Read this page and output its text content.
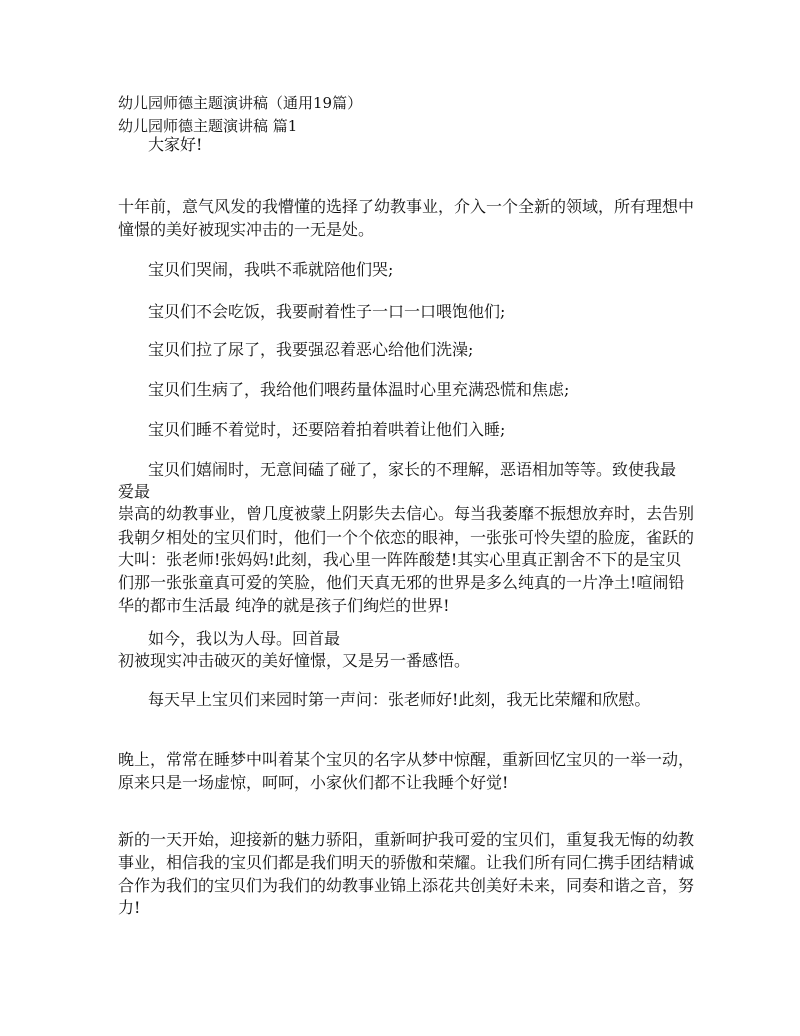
幼儿园师德主题演讲稿（通用19篇）
幼儿园师德主题演讲稿 篇1
大家好!
十年前，意气风发的我懵懂的选择了幼教事业，介入一个全新的领域，所有理想中
憧憬的美好被现实冲击的一无是处。
宝贝们哭闹，我哄不乖就陪他们哭;
宝贝们不会吃饭，我要耐着性子一口一口喂饱他们;
宝贝们拉了尿了，我要强忍着恶心给他们洗澡;
宝贝们生病了，我给他们喂药量体温时心里充满恐慌和焦虑;
宝贝们睡不着觉时，还要陪着拍着哄着让他们入睡;
宝贝们嬉闹时，无意间磕了碰了，家长的不理解，恶语相加等等。致使我最
爱最
崇高的幼教事业，曾几度被蒙上阴影失去信心。每当我萎靡不振想放弃时，去告别
我朝夕相处的宝贝们时，他们一个个依恋的眼神，一张张可怜失望的脸庞，雀跃的
大叫：张老师!张妈妈!此刻，我心里一阵阵酸楚!其实心里真正割舍不下的是宝贝
们那一张张童真可爱的笑脸，他们天真无邪的世界是多么纯真的一片净土!喧闹铅
华的都市生活最 纯净的就是孩子们绚烂的世界!
如今，我以为人母。回首最
初被现实冲击破灭的美好憧憬，又是另一番感悟。
每天早上宝贝们来园时第一声问：张老师好!此刻，我无比荣耀和欣慰。
晚上，常常在睡梦中叫着某个宝贝的名字从梦中惊醒，重新回忆宝贝的一举一动，
原来只是一场虚惊，呵呵，小家伙们都不让我睡个好觉!
新的一天开始，迎接新的魅力骄阳，重新呵护我可爱的宝贝们，重复我无悔的幼教
事业，相信我的宝贝们都是我们明天的骄傲和荣耀。让我们所有同仁携手团结精诚
合作为我们的宝贝们为我们的幼教事业锦上添花共创美好未来，同奏和谐之音，努
力!
